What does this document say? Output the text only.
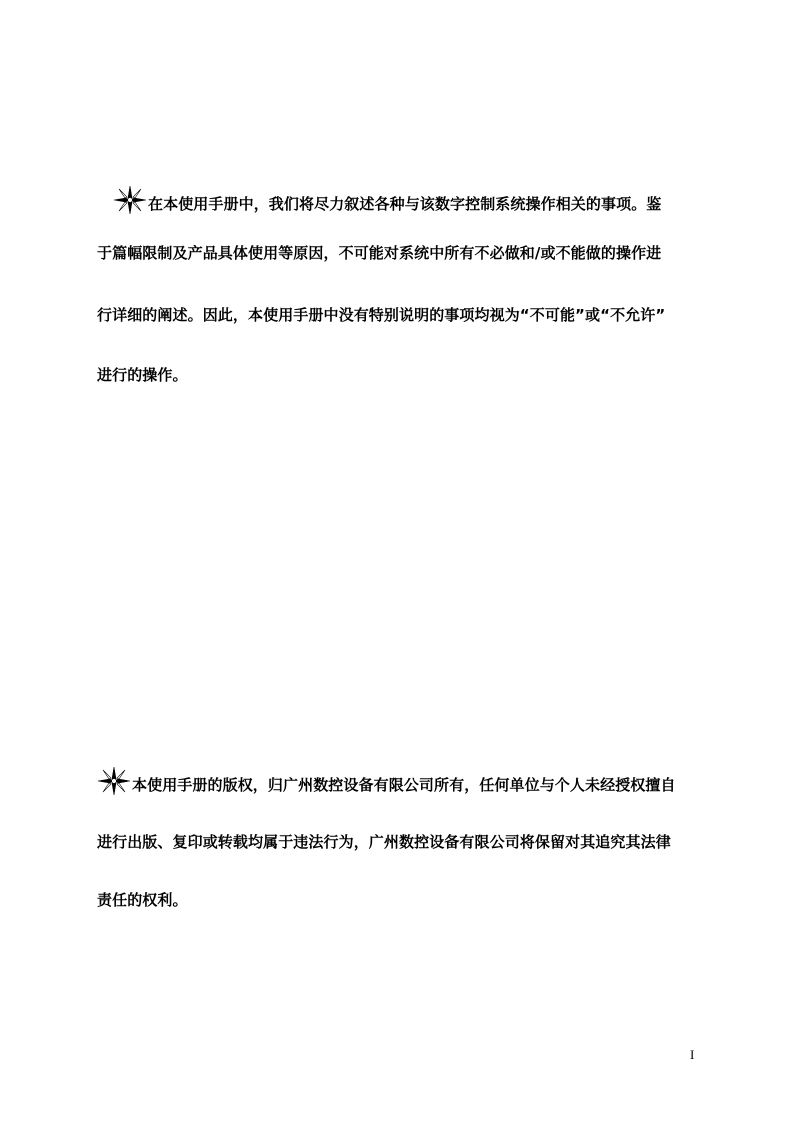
在本使用手册中，我们将尽力叙述各种与该数字控制系统操作相关的事项。鉴
于篇幅限制及产品具体使用等原因，不可能对系统中所有不必做和/或不能做的操作进
行详细的阐述。因此，本使用手册中没有特别说明的事项均视为“不可能”或“不允许”
进行的操作。
本使用手册的版权，归广州数控设备有限公司所有，任何单位与个人未经授权擅自
进行出版、复印或转载均属于违法行为，广州数控设备有限公司将保留对其追究其法律
责任的权利。
I
